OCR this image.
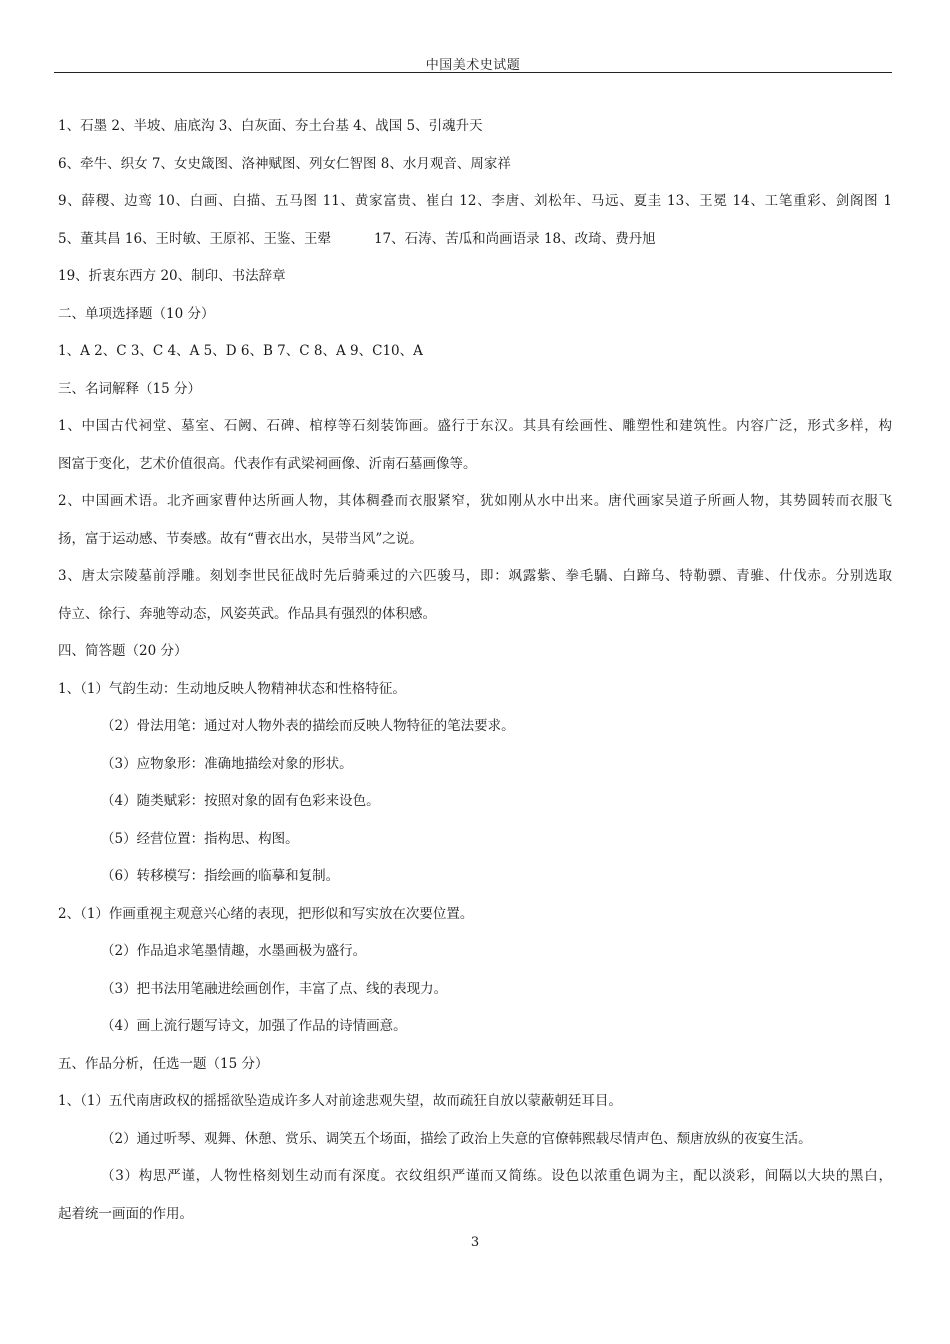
中国美术史试题
1、石墨 2、半坡、庙底沟 3、白灰面、夯土台基 4、战国 5、引魂升天
6、牵牛、织女 7、女史箴图、洛神赋图、列女仁智图 8、水月观音、周家祥
9、薛稷、边鸾 10、白画、白描、五马图 11、黄家富贵、崔白 12、李唐、刘松年、马远、夏圭 13、王冕 14、工笔重彩、剑阁图 1
5、董其昌 16、王时敏、王原祁、王鉴、王翚          17、石涛、苦瓜和尚画语录 18、改琦、费丹旭
19、折衷东西方 20、制印、书法辞章
二、单项选择题（10 分）
1、A 2、C 3、C 4、A 5、D 6、B 7、C 8、A 9、C10、A
三、名词解释（15 分）
1、中国古代祠堂、墓室、石阙、石碑、棺椁等石刻装饰画。盛行于东汉。其具有绘画性、雕塑性和建筑性。内容广泛，形式多样，构
图富于变化，艺术价值很高。代表作有武梁祠画像、沂南石墓画像等。
2、中国画术语。北齐画家曹仲达所画人物，其体稠叠而衣服紧窄，犹如刚从水中出来。唐代画家吴道子所画人物，其势圆转而衣服飞
扬，富于运动感、节奏感。故有“曹衣出水，吴带当风”之说。
3、唐太宗陵墓前浮雕。刻划李世民征战时先后骑乘过的六匹骏马，即：飒露紫、拳毛騧、白蹄乌、特勒骠、青骓、什伐赤。分别选取
侍立、徐行、奔驰等动态，风姿英武。作品具有强烈的体积感。
四、简答题（20 分）
1、（1）气韵生动：生动地反映人物精神状态和性格特征。
（2）骨法用笔：通过对人物外表的描绘而反映人物特征的笔法要求。
（3）应物象形：准确地描绘对象的形状。
（4）随类赋彩：按照对象的固有色彩来设色。
（5）经营位置：指构思、构图。
（6）转移模写：指绘画的临摹和复制。
2、（1）作画重视主观意兴心绪的表现，把形似和写实放在次要位置。
（2）作品追求笔墨情趣，水墨画极为盛行。
（3）把书法用笔融进绘画创作，丰富了点、线的表现力。
（4）画上流行题写诗文，加强了作品的诗情画意。
五、作品分析，任选一题（15 分）
1、（1）五代南唐政权的摇摇欲坠造成许多人对前途悲观失望，故而疏狂自放以蒙蔽朝廷耳目。
（2）通过听琴、观舞、休憩、赏乐、调笑五个场面，描绘了政治上失意的官僚韩熙载尽情声色、颓唐放纵的夜宴生活。
（3）构思严谨，人物性格刻划生动而有深度。衣纹组织严谨而又简练。设色以浓重色调为主，配以淡彩，间隔以大块的黑白，
起着统一画面的作用。
3
